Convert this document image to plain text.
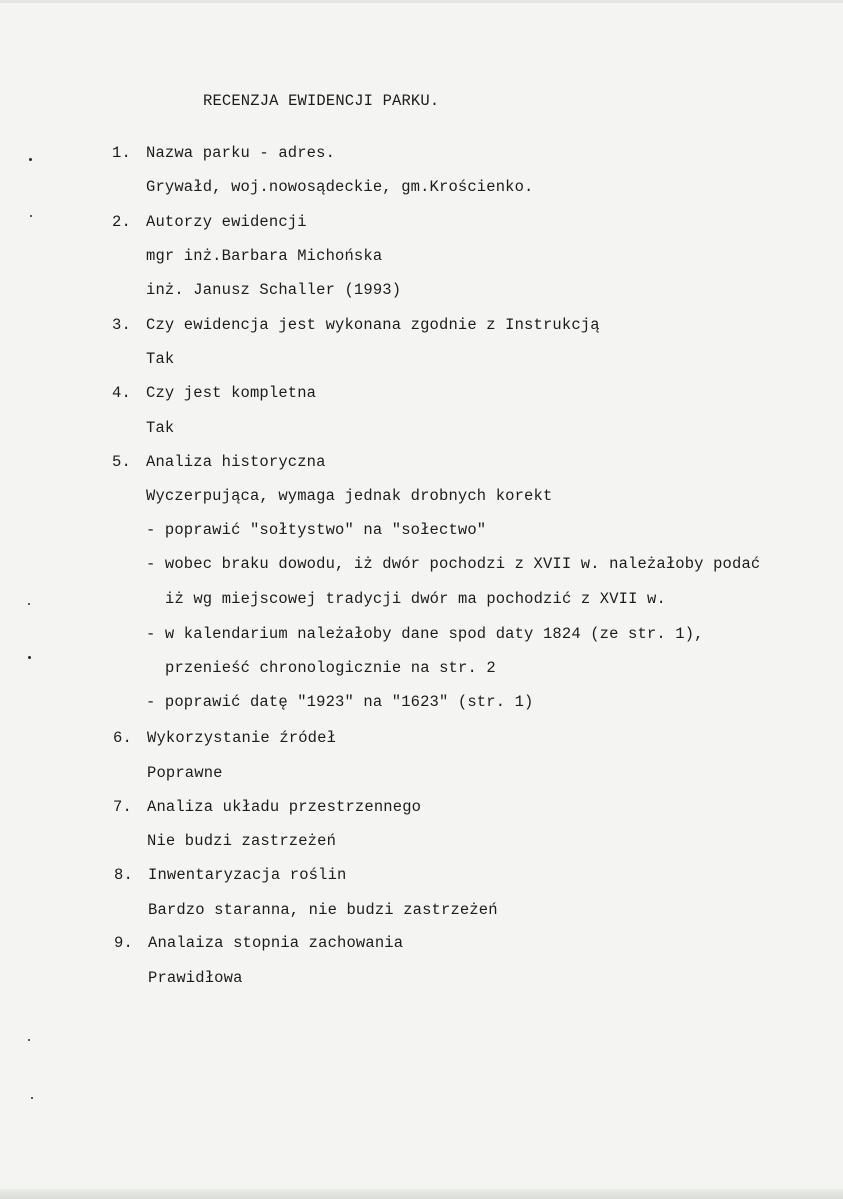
RECENZJA EWIDENCJI PARKU.
1. Nazwa parku - adres.
Grywałd, woj.nowosądeckie, gm.Krościenko.
2. Autorzy ewidencji
mgr inż.Barbara Michońska
inż. Janusz Schaller (1993)
3. Czy ewidencja jest wykonana zgodnie z Instrukcją
Tak
4. Czy jest kompletna
Tak
5. Analiza historyczna
Wyczerpująca, wymaga jednak drobnych korekt
- poprawić "sołtystwo" na "sołectwo"
- wobec braku dowodu, iż dwór pochodzi z XVII w. należałoby podać
iż wg miejscowej tradycji dwór ma pochodzić z XVII w.
- w kalendarium należałoby dane spod daty 1824 (ze str. 1),
przenieść chronologicznie na str. 2
- poprawić datę "1923" na "1623" (str. 1)
6. Wykorzystanie źródeł
Poprawne
7. Analiza układu przestrzennego
Nie budzi zastrzeżeń
8. Inwentaryzacja roślin
Bardzo staranna, nie budzi zastrzeżeń
9. Analaiza stopnia zachowania
Prawidłowa
